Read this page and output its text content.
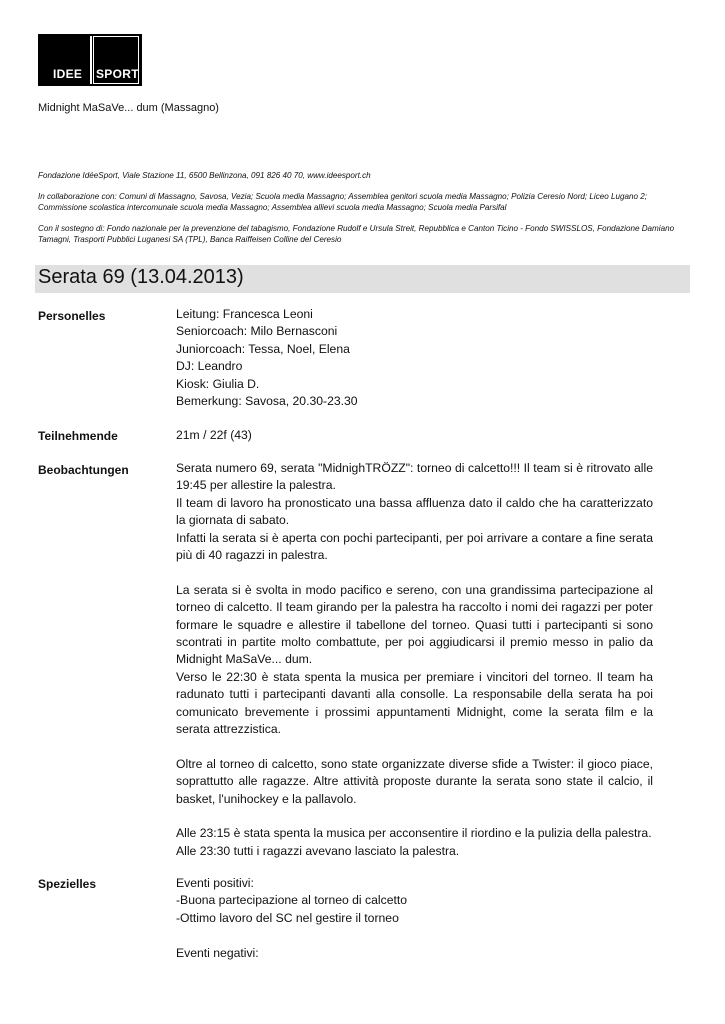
IDEE SPORT
Midnight MaSaVe... dum (Massagno)
Fondazione IdéeSport, Viale Stazione 11, 6500 Bellinzona, 091 826 40 70, www.ideesport.ch
In collaborazione con: Comuni di Massagno, Savosa, Vezia; Scuola media Massagno; Assemblea genitori scuola media Massagno; Polizia Ceresio Nord; Liceo Lugano 2; Commissione scolastica intercomunale scuola media Massagno; Assemblea allievi scuola media Massagno; Scuola media Parsifal
Con il sostegno di: Fondo nazionale per la prevenzione del tabagismo, Fondazione Rudolf e Ursula Streit, Repubblica e Canton Ticino - Fondo SWISSLOS, Fondazione Damiano Tamagni, Trasporti Pubblici Luganesi SA (TPL), Banca Raiffeisen Colline del Ceresio
Serata 69 (13.04.2013)
Personelles	Leitung: Francesca Leoni
Seniorcoach: Milo Bernasconi
Juniorcoach: Tessa, Noel, Elena
DJ: Leandro
Kiosk: Giulia D.
Bemerkung: Savosa, 20.30-23.30
Teilnehmende	21m / 22f (43)
Beobachtungen	Serata numero 69, serata "MidnighTRÖZZ": torneo di calcetto!!! Il team si è ritrovato alle 19:45 per allestire la palestra.
Il team di lavoro ha pronosticato una bassa affluenza dato il caldo che ha caratterizzato la giornata di sabato.
Infatti la serata si è aperta con pochi partecipanti, per poi arrivare a contare a fine serata più di 40 ragazzi in palestra.
La serata si è svolta in modo pacifico e sereno, con una grandissima partecipazione al torneo di calcetto. Il team girando per la palestra ha raccolto i nomi dei ragazzi per poter formare le squadre e allestire il tabellone del torneo. Quasi tutti i partecipanti si sono scontrati in partite molto combattute, per poi aggiudicarsi il premio messo in palio da Midnight MaSaVe... dum.
Verso le 22:30 è stata spenta la musica per premiare i vincitori del torneo. Il team ha radunato tutti i partecipanti davanti alla consolle. La responsabile della serata ha poi comunicato brevemente i prossimi appuntamenti Midnight, come la serata film e la serata attrezzistica.
Oltre al torneo di calcetto, sono state organizzate diverse sfide a Twister: il gioco piace, soprattutto alle ragazze. Altre attività proposte durante la serata sono state il calcio, il basket, l'unihockey e la pallavolo.
Alle 23:15 è stata spenta la musica per acconsentire il riordino e la pulizia della palestra.
Alle 23:30 tutti i ragazzi avevano lasciato la palestra.
Spezielles	Eventi positivi:
-Buona partecipazione al torneo di calcetto
-Ottimo lavoro del SC nel gestire il torneo
Eventi negativi:
